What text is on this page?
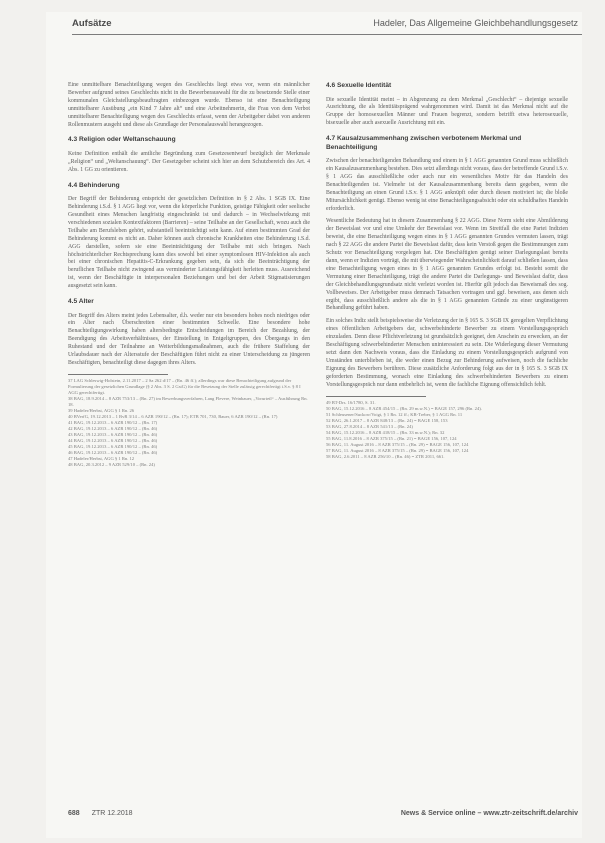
Aufsätze	Hadeler, Das Allgemeine Gleichbehandlungsgesetz

Eine unmittelbare Benachteiligung wegen des Geschlechts liegt etwa vor, wenn ein männlicher Bewerber aufgrund seines Geschlechts nicht in die Bewerberauswahl für die zu besetzende Stelle einer kommunalen Gleichstellungsbeauftragten einbezogen wurde. Ebenso ist eine Benachteiligung unmittelbarer Ausübung „ein Kind 7 Jahre alt“ und eine Arbeitnehmerin, die Frau von dem Verbot unmittelbarer Benachteiligung wegen des Geschlechts erfasst, wenn der Arbeitgeber dabei von anderen Rollenmustern ausgeht und diese als Grundlage der Personalauswahl herangezogen.

4.3 Religion oder Weltanschauung

Keine Definition enthält die amtliche Begründung zum Gesetzesentwurf bezüglich der Merkmale „Religion“ und „Weltanschauung“. Der Gesetzgeber scheint sich hier an dem Schutzbereich des Art. 4 Abs. 1 GG zu orientieren.

4.4 Behinderung

Der Begriff der Behinderung entspricht der gesetzlichen Definition in § 2 Abs. 1 SGB IX. Eine Behinderung i.S.d. § 1 AGG liegt vor, wenn die körperliche Funktion, geistige Fähigkeit oder seelische Gesundheit eines Menschen langfristig eingeschränkt ist und dadurch – in Wechselwirkung mit verschiedenen sozialen Kontextfaktoren (Barrieren) – seine Teilhabe an der Gesellschaft, wozu auch die Teilhabe am Berufsleben gehört, substantiell beeinträchtigt sein kann. Auf einen bestimmten Grad der Behinderung kommt es nicht an. Daher können auch chronische Krankheiten eine Behinderung i.S.d. AGG darstellen, sofern sie eine Beeinträchtigung der Teilhabe mit sich bringen. Nach höchstrichterlicher Rechtsprechung kann dies sowohl bei einer symptomlosen HIV-Infektion als auch bei einer chronischen Hepatitis-C-Erkrankung gegeben sein, da sich die Beeinträchtigung der beruflichen Teilhabe nicht zwingend aus verminderter Leistungsfähigkeit herleiten muss. Ausreichend ist, wenn der Beschäftigte in interpersonalen Beziehungen und bei der Arbeit Stigmatisierungen ausgesetzt sein kann.

4.5 Alter

Der Begriff des Alters meint jedes Lebensalter, d.h. weder nur ein besonders hohes noch niedriges oder ein Alter nach Überschreiten einer bestimmten Schwelle. Eine besondere hohe Benachteiligungswirkung haben altersbedingte Entscheidungen im Bereich der Bezahlung, der Beendigung des Arbeitsverhältnisses, der Einstellung in Entgeltgruppen, des Übergangs in den Ruhestand und der Teilnahme an Weiterbildungsmaßnahmen, auch die frühere Staffelung der Urlaubsdauer nach der Altersstufe der Beschäftigten führt nicht zu einer Unterscheidung zu jüngeren Beschäftigten, benachteiligt diese dagegen ihres Alters.

37 LAG Schleswig-Holstein, 2.11.2017 – 2 Sa 262 d/17 – (Rn. 46 ff.); allerdings war diese Benachteiligung aufgrund der Formulierung der gesetzlichen Grundlage (§ 2 Abs. 3 S. 2 GstG) für die Besetzung der Stelle zulässig gerechtfertigt i.S.v. § 8 I AGG gerechtfertigt.

38 BAG, 18.9.2014 – 8 AZR 753/13 – (Rn. 27) im Bewerbungsverfahren, Lang Flevere, Weinbauer, „Vorurteil“ – Ausführung Rn. 18.

39 Hadeler/Herbst, AGG § 1 Rn. 26

40 BVerfG, 19.12.2013 – 1 BvR 3/14 – 6 AZR 190/12 – (Rn. 17); ETB 701, 730, Bauer, 6 AZR 190/12 – (Rn. 17)

41 BAG, 19.12.2013 – 6 AZR 190/12 – (Rn. 17)

42 BAG, 19.12.2013 – 6 AZR 190/12 – (Rn. 46)

43 BAG, 19.12.2013 – 6 AZR 190/12 – (Rn. 46)

44 BAG, 19.12.2013 – 6 AZR 190/12 – (Rn. 46)

45 BAG, 19.12.2013 – 6 AZR 190/12 – (Rn. 46)

46 BAG, 19.12.2013 – 6 AZR 190/12 – (Rn. 46)

47 Hadeler/Herbst, AGG § 1 Rn. 12

48 BAG, 20.3.2012 – 9 AZR 529/10 – (Rn. 24)

4.6 Sexuelle Identität

Die sexuelle Identität meint – in Abgrenzung zu dem Merkmal „Geschlecht“ – diejenige sexuelle Ausrichtung, die als Identitätsprägend wahrgenommen wird. Damit ist das Merkmal nicht auf die Gruppe der homosexuellen Männer und Frauen begrenzt, sondern betrifft etwa heterosexuelle, bisexuelle aber auch asexuelle Ausrichtung mit ein.

4.7 Kausalzusammenhang zwischen verbotenem Merkmal und Benachteiligung

Zwischen der benachteiligenden Behandlung und einem in § 1 AGG genannten Grund muss schließlich ein Kausalzusammenhang bestehen. Dies setzt allerdings nicht voraus, dass der betreffende Grund i.S.v. § 1 AGG das ausschließliche oder auch nur ein wesentliches Motiv für das Handeln des Benachteiligenden ist. Vielmehr ist der Kausalzusammenhang bereits dann gegeben, wenn die Benachteiligung an einen Grund i.S.v. § 1 AGG anknüpft oder durch diesen motiviert ist; die bloße Mitursächlichkeit genügt. Ebenso wenig ist eine Benachteiligungsabsicht oder ein schuldhaftes Handeln erforderlich.

Wesentliche Bedeutung hat in diesem Zusammenhang § 22 AGG. Diese Norm sieht eine Abmilderung der Beweislast vor und eine Umkehr der Beweislast vor. Wenn im Streitfall die eine Partei Indizien beweist, die eine Benachteiligung wegen eines in § 1 AGG genannten Grundes vermuten lassen, trägt nach § 22 AGG die andere Partei die Beweislast dafür, dass kein Verstoß gegen die Bestimmungen zum Schutz vor Benachteiligung vorgelegen hat. Die Beschäftigten genügt seiner Darlegungslast bereits dann, wenn er Indizien vorträgt, die mit überwiegender Wahrscheinlichkeit darauf schließen lassen, dass eine Benachteiligung wegen eines in § 1 AGG genannten Grundes erfolgt ist. Besteht somit die Vermutung einer Benachteiligung, trägt die andere Partei die Darlegungs- und Beweislast dafür, dass der Gleichbehandlungsgrundsatz nicht verletzt worden ist. Hierfür gilt jedoch das Beweismaß des sog. Vollbeweises. Der Arbeitgeber muss demnach Tatsachen vortragen und ggf. beweisen, aus denen sich ergibt, dass ausschließlich andere als die in § 1 AGG genannten Gründe zu einer ungünstigeren Behandlung geführt haben.

Ein solches Indiz stellt beispielsweise die Verletzung der in § 165 S. 3 SGB IX geregelten Verpflichtung eines öffentlichen Arbeitgebers dar, schwerbehinderte Bewerber zu einem Vorstellungsgespräch einzuladen. Denn diese Pflichtverletzung ist grundsätzlich geeignet, den Anschein zu erwecken, an der Beschäftigung schwerbehinderter Menschen uninteressiert zu sein. Die Widerlegung dieser Vermutung setzt dann den Nachweis voraus, dass die Einladung zu einem Vorstellungsgespräch aufgrund von Umständen unterblieben ist, die weder einen Bezug zur Behinderung aufweisen, noch die fachliche Eignung des Bewerbers berühren. Diese zusätzliche Anforderung folgt aus der in § 165 S. 3 SGB IX geforderten Bestimmung, wonach eine Einladung des schwerbehinderten Bewerbers zu einem Vorstellungsgespräch nur dann entbehrlich ist, wenn die fachliche Eignung offensichtlich fehlt.

49 BT-Drs. 16/1780, S. 31.

50 BAG, 15.12.2016 – 8 AZR 454/15 – (Rn. 29 m.w.N.) = BAGE 157, 296 (Rn. 24).

51 Schleusener/Suckow/Voigt, § 1 Rn. 12 ff.; KR-Treber, § 1 AGG Rn. 11

52 BAG, 26.1.2017 – 8 AZR 848/13 – (Rn. 24) = BAGE 158, 153

53 BAG, 27.8.2014 – 8 AZR 541/13 – (Rn. 24)

54 BAG, 15.12.2016 – 8 AZR 418/15 – (Rn. 33 m.w.N.); Rn. 32

55 BAG, 11.8.2016 – 8 AZR 375/15 – (Rn. 21) = BAGE 156, 107, 124

56 BAG, 11. August 2016 – 8 AZR 375/15 – (Rn. 29) = BAGE 156, 107, 124

57 BAG, 11. August 2016 – 8 AZR 375/15 – (Rn. 29) = BAGE 156, 107, 124

58 BAG, 2.6.2011 – 8 AZR 256/10 – (Rn. 46) = ZTR 2011, 661.

688 ZTR 12.2018	News & Service online – www.ztr-zeitschrift.de/archiv
